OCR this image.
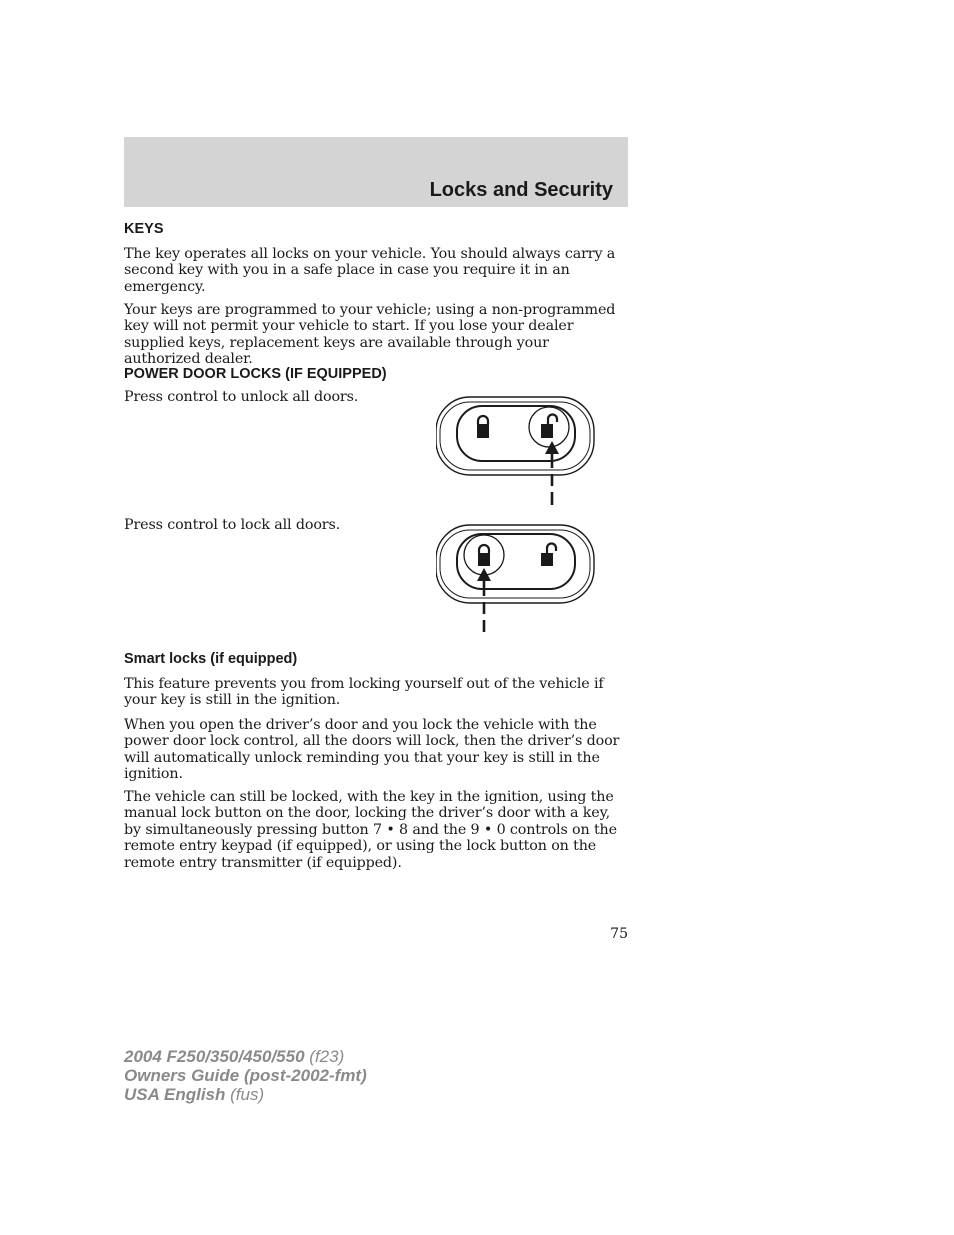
Locks and Security
KEYS

The key operates all locks on your vehicle. You should always carry a second key with you in a safe place in case you require it in an emergency.

Your keys are programmed to your vehicle; using a non-programmed key will not permit your vehicle to start. If you lose your dealer supplied keys, replacement keys are available through your authorized dealer.

POWER DOOR LOCKS (IF EQUIPPED)

Press control to unlock all doors.

Press control to lock all doors.

Smart locks (if equipped)

This feature prevents you from locking yourself out of the vehicle if your key is still in the ignition.

When you open the driver’s door and you lock the vehicle with the power door lock control, all the doors will lock, then the driver’s door will automatically unlock reminding you that your key is still in the ignition.

The vehicle can still be locked, with the key in the ignition, using the manual lock button on the door, locking the driver’s door with a key, by simultaneously pressing button 7 • 8 and the 9 • 0 controls on the remote entry keypad (if equipped), or using the lock button on the remote entry transmitter (if equipped).

75
2004 F250/350/450/550 (f23)
Owners Guide (post-2002-fmt)
USA English (fus)
